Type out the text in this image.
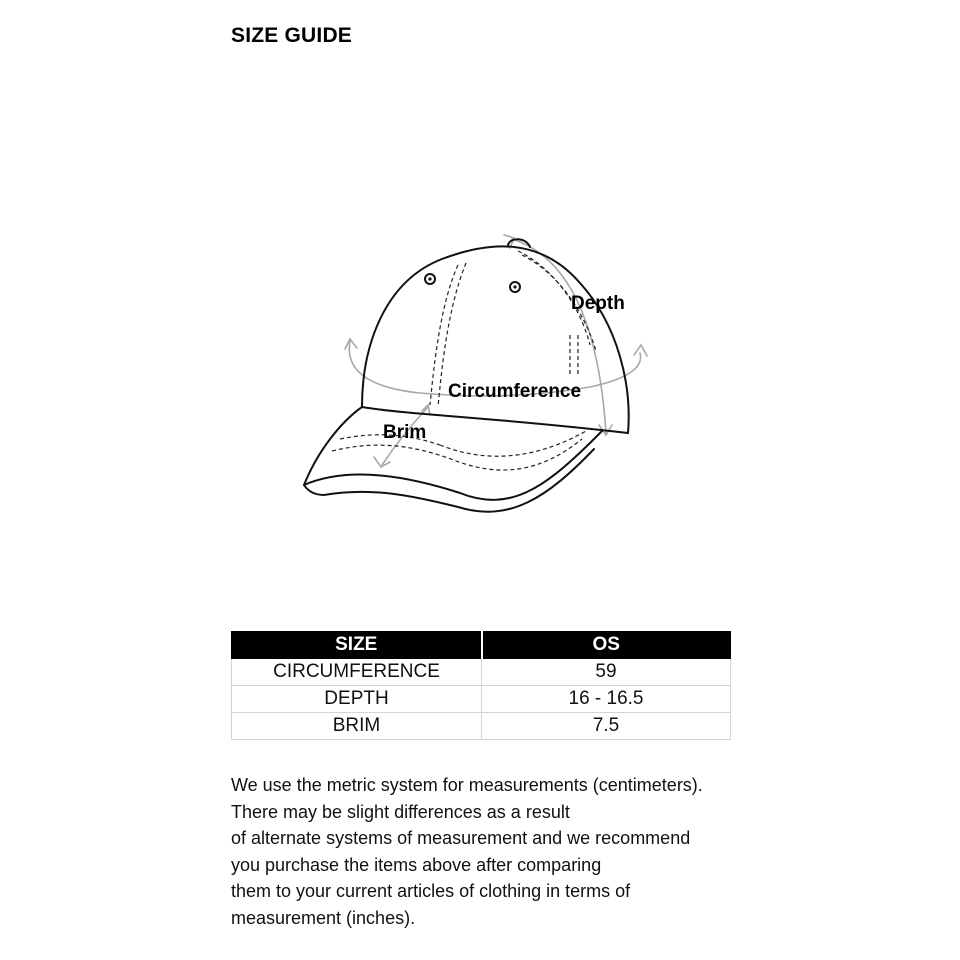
SIZE GUIDE
Depth
Circumference
Brim
SIZE	OS
CIRCUMFERENCE	59
DEPTH	16 - 16.5
BRIM	7.5
We use the metric system for measurements (centimeters).
There may be slight differences as a result
of alternate systems of measurement and we recommend
you purchase the items above after comparing
them to your current articles of clothing in terms of
measurement (inches).
